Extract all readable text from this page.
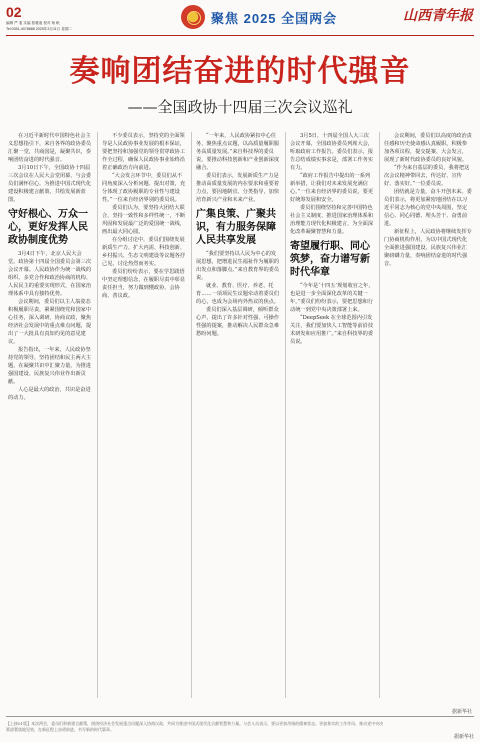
02
编辑 严 斐 实编 曾雅迪 校对 杨 帆
Tel:0351-4078888 2025年3月11日 星期二
聚焦 2025 全国两会	山西青年报
奏响团结奋进的时代强音
——全国政协十四届三次会议巡礼

在习近平新时代中国特色社会主义思想指引下，来自各界的政协委员汇聚一堂，共商国是，凝聚共识，奏响团结奋进的时代强音。

3月10日下午，全国政协十四届三次会议在人民大会堂闭幕，与会委员们满怀信心，为推进中国式现代化建设积极建言献策，共绘发展新蓝图。

守好根心、万众一心，更好发挥人民政协制度优势

3月4日下午，北京人民大会堂。政协第十四届全国委员会第三次会议开幕。人民政协作为统一战线的组织、多党合作和政治协商的机构、人民民主的重要实现形式，在国家治理体系中具有独特优势。

会议期间，委员们以主人翁姿态积极履职尽责，紧紧围绕党和国家中心任务，深入调研、协商议政，聚焦经济社会发展中的重点难点问题，提出了一大批具有真知灼见的意见建议。

报告指出，一年来，人民政协坚持党的领导，坚持团结和民主两大主题，在凝聚共识中汇聚力量，为推进强国建设、民族复兴伟业作出新贡献。

人心是最大的政治，共识是奋进的动力。

不少委员表示，坚持党的全面领导是人民政协事业发展的根本保证，要把坚持和加强党的领导贯穿政协工作全过程，确保人民政协事业始终沿着正确政治方向前进。

“大会发言环节中，委员们从不同角度深入分析问题、提出对策，充分体现了政协履职的专业性与建设性。”一位来自经济界别的委员说。

委员们认为，要坚持大团结大联合，坚持一致性和多样性统一，不断巩固和发展最广泛的爱国统一战线，画出最大同心圆。

在分组讨论中，委员们围绕发展新质生产力、扩大内需、科技创新、乡村振兴、生态文明建设等议题各抒己见，讨论热烈而务实。

委员们纷纷表示，要在学思践悟中坚定理想信念，在履职尽责中彰显责任担当，努力做到懂政协、会协商、善议政。

“一年来，人民政协紧扣中心任务，聚焦重点议题，以高质量履职服务高质量发展。”来自科技界的委员说，要推动科技创新和产业创新深度融合。

委员们表示，发展新质生产力是推动高质量发展的内在要求和重要着力点，要因地制宜、分类指导，加快培育新兴产业和未来产业。

广集良策、广聚共识，有力服务保障人民共享发展

“我们要坚持以人民为中心的发展思想，把增进民生福祉作为履职的出发点和落脚点。”来自教育界的委员说。

就业、教育、医疗、养老、托育……一项项民生议题牵动着委员们的心，也成为会场内外热议的焦点。

委员们深入基层调研，倾听群众心声，提出了许多针对性强、可操作性强的提案，推动解决人民群众急难愁盼问题。

3月5日，十四届全国人大三次会议开幕，全国政协委员列席大会，听取政府工作报告。委员们表示，报告总结成绩实事求是，部署工作务实有力。

“政府工作报告中提出的一系列新举措，让我们对未来发展充满信心。”一位来自经济界的委员说，要更好统筹发展和安全。

委员们围绕坚持和完善中国特色社会主义制度、推进国家治理体系和治理能力现代化积极建言，为全面深化改革凝聚智慧和力量。

寄望履行职、同心筑梦，奋力谱写新时代华章

“今年是‘十四五’规划收官之年，也是进一步全面深化改革的关键一年。”委员们纷纷表示，要把思想和行动统一到党中央决策部署上来。

“DeepSeek 在全球范围内引发关注，我们要加快人工智能等前沿技术研发和应用推广。”来自科技界的委员说。

会议期间，委员们以高度的政治责任感和历史使命感认真履职，积极参加各项议程，提交提案、大会发言，展现了新时代政协委员的良好风貌。

“作为来自基层的委员，我将把这次会议精神带回去，传达好、宣传好、落实好。”一位委员说。

团结就是力量，奋斗开创未来。委员们表示，将更加紧密地团结在以习近平同志为核心的党中央周围，坚定信心、同心同德、埋头苦干、奋勇前进。

新征程上，人民政协将继续发挥专门协商机构作用，为以中国式现代化全面推进强国建设、民族复兴伟业汇聚磅礴力量，奏响团结奋进的时代强音。

据新华社
【上接01版】本次两会，委员们积极建言献策，围绕经济社会发展重点问题深入协商议政，共同为推进中国式现代化贡献智慧和力量。与会人员表示，要以更加昂扬的精神状态、更加务实的工作作风，推动党中央决策部署落地见效，在新征程上奋勇前进，书写新的时代篇章。
据新华社
